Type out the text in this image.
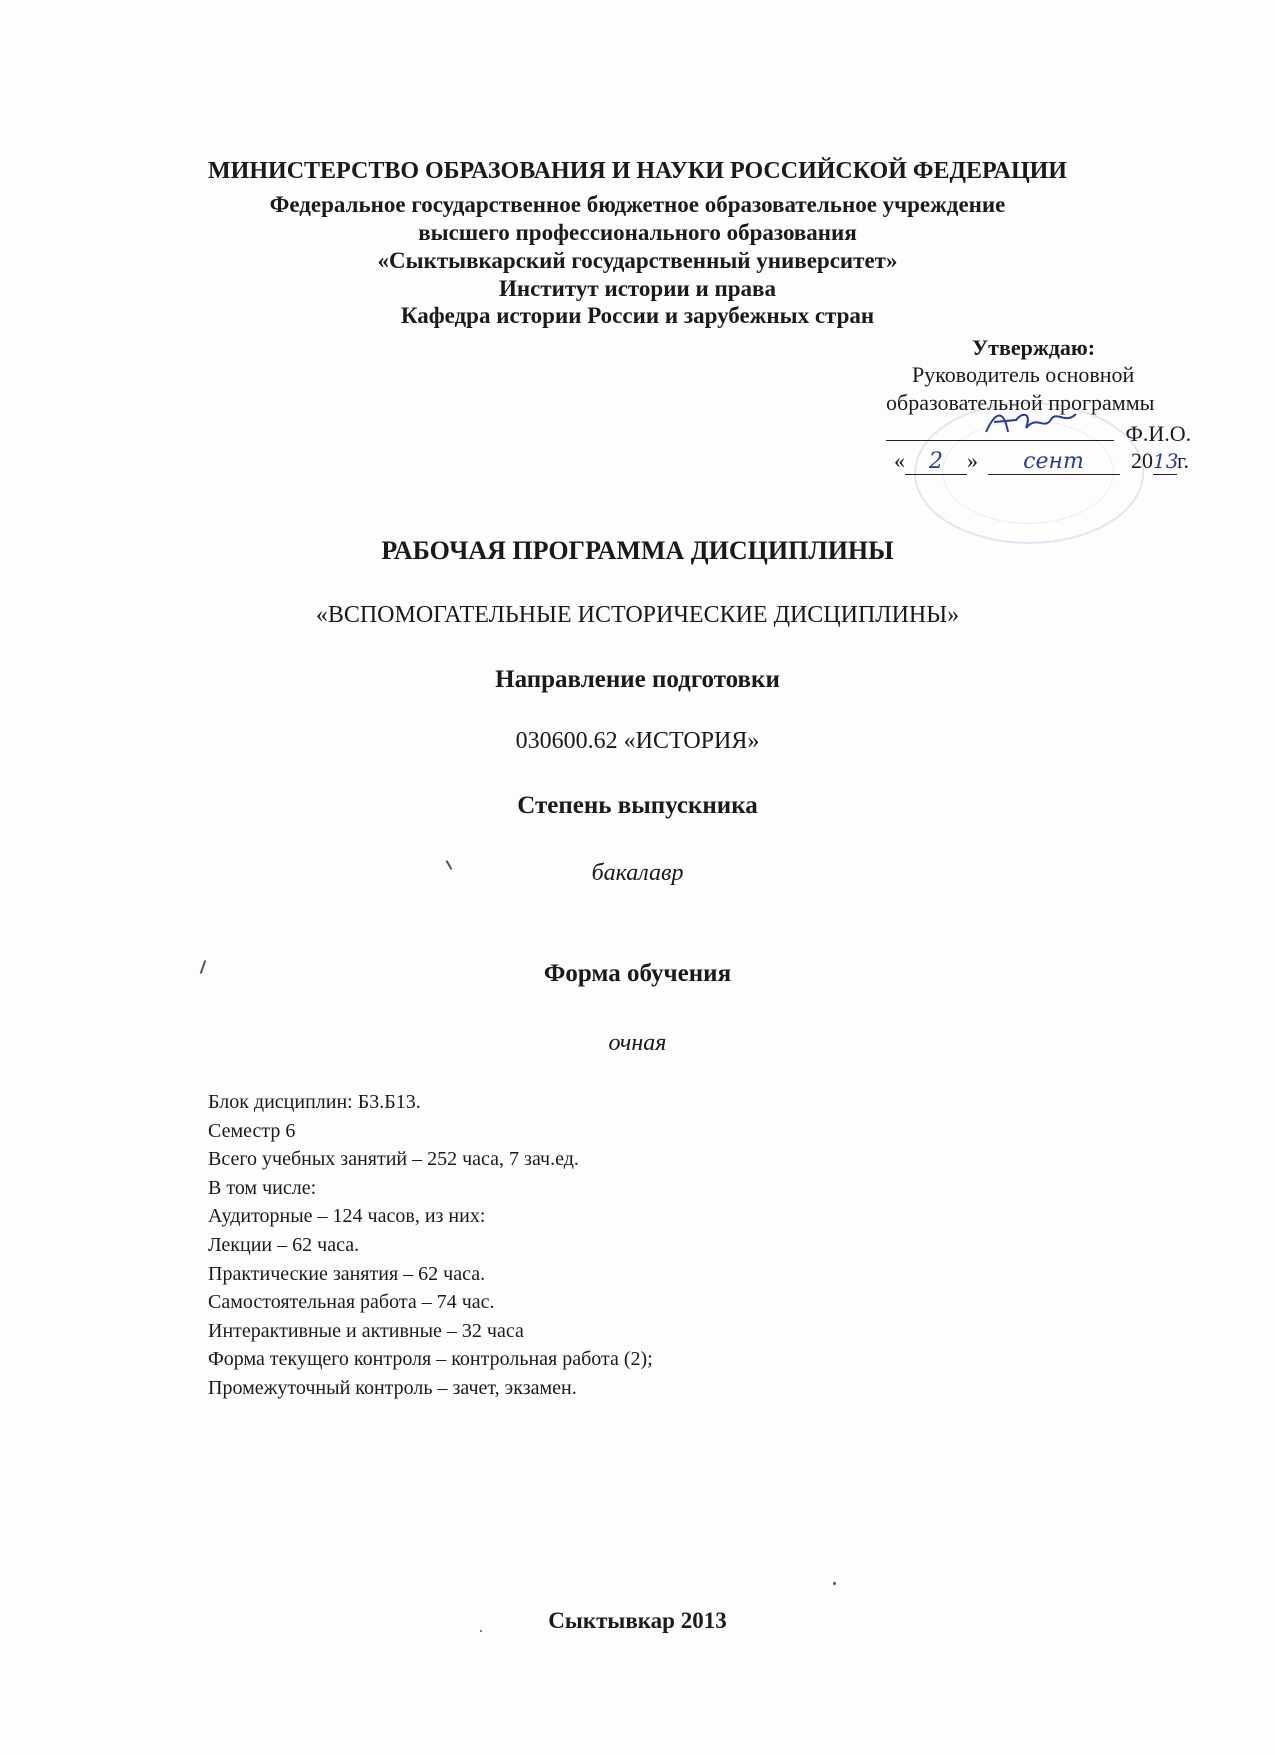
МИНИСТЕРСТВО ОБРАЗОВАНИЯ И НАУКИ РОССИЙСКОЙ ФЕДЕРАЦИИ
Федеральное государственное бюджетное образовательное учреждение
высшего профессионального образования
«Сыктывкарский государственный университет»
Институт истории и права
Кафедра истории России и зарубежных стран
Утверждаю:
Руководитель основной
образовательной программы
Ф.И.О.
« 2 » сент 2013г.
РАБОЧАЯ ПРОГРАММА ДИСЦИПЛИНЫ
«ВСПОМОГАТЕЛЬНЫЕ ИСТОРИЧЕСКИЕ ДИСЦИПЛИНЫ»
Направление подготовки
030600.62 «ИСТОРИЯ»
Степень выпускника
бакалавр
Форма обучения
очная
Блок дисциплин: Б3.Б13.
Семестр 6
Всего учебных занятий – 252 часа, 7 зач.ед.
В том числе:
Аудиторные – 124 часов, из них:
Лекции – 62 часа.
Практические занятия – 62 часа.
Самостоятельная работа – 74 час.
Интерактивные и активные – 32 часа
Форма текущего контроля – контрольная работа (2);
Промежуточный контроль – зачет, экзамен.
Сыктывкар 2013
